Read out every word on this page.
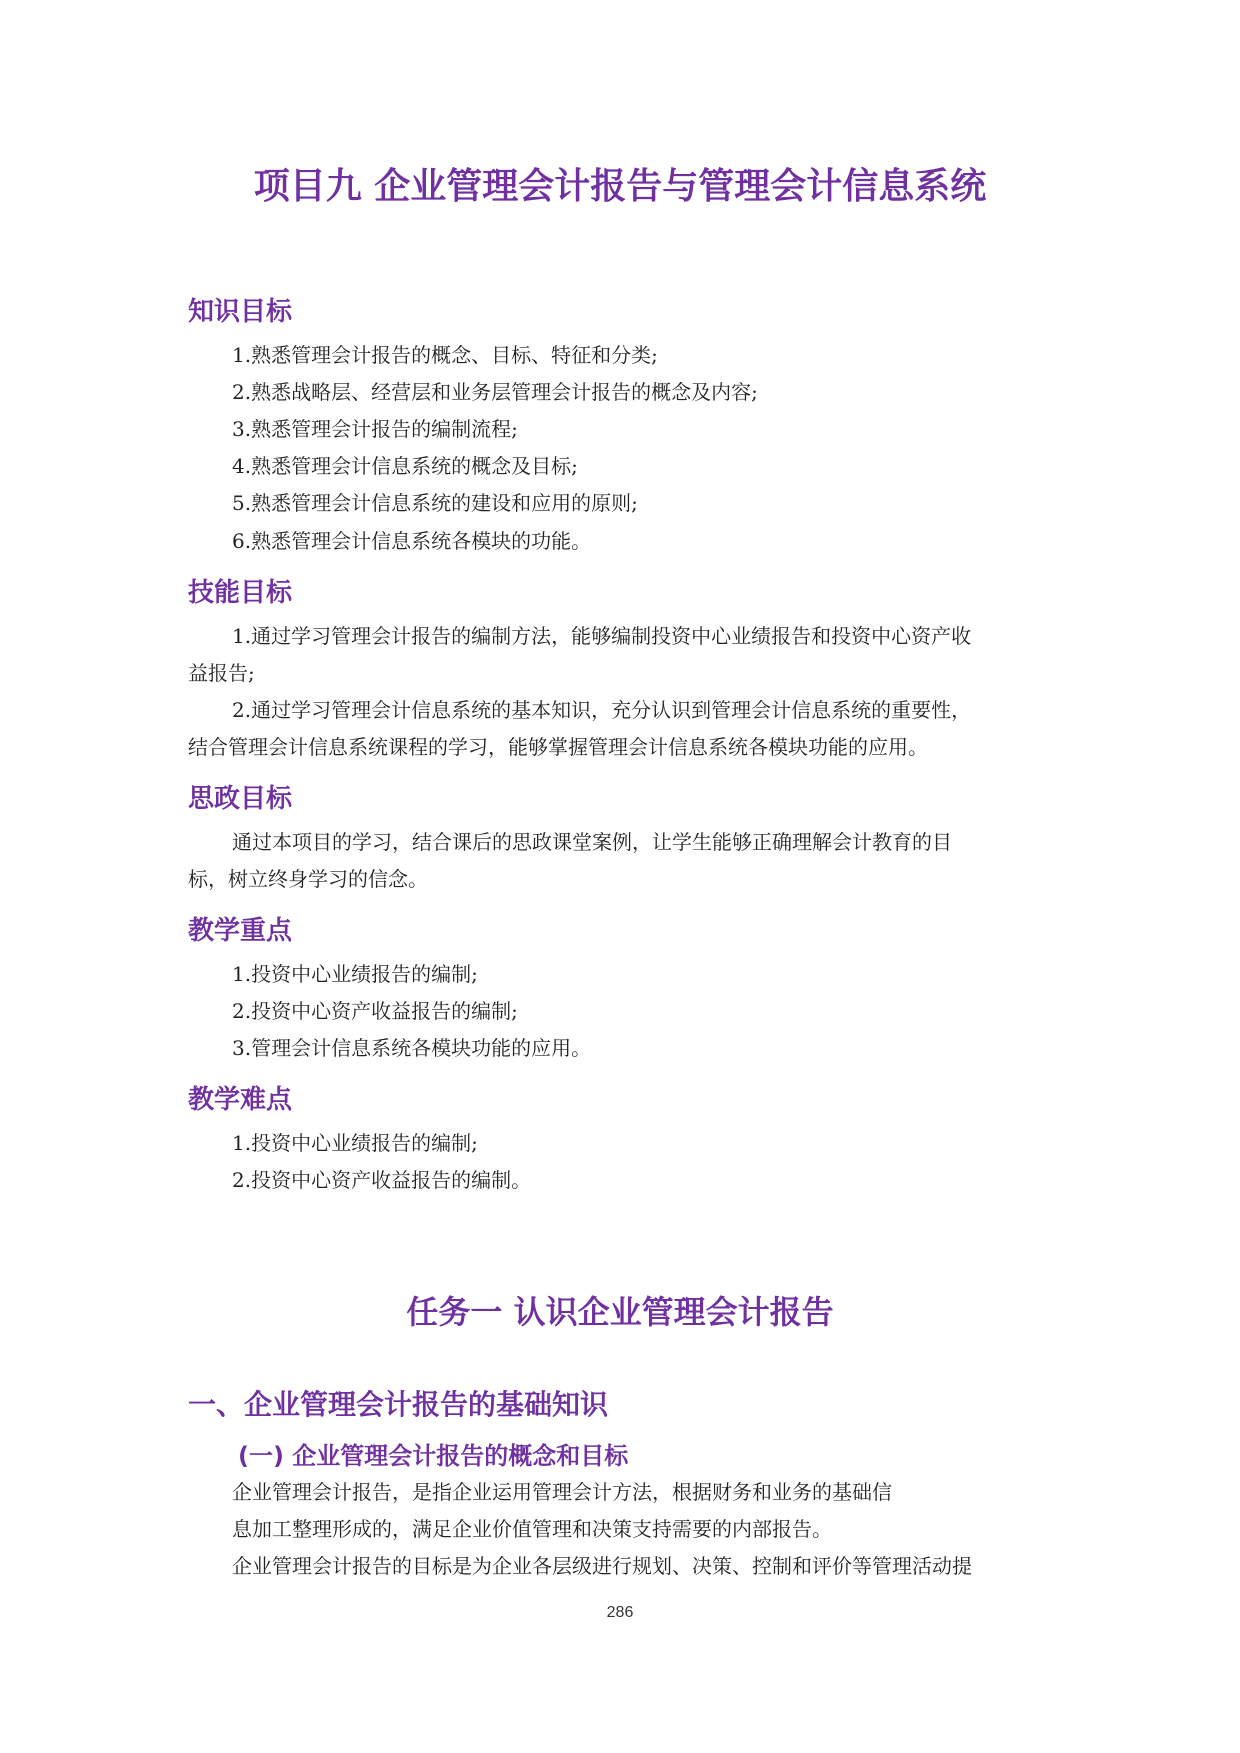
项目九 企业管理会计报告与管理会计信息系统
知识目标
1.熟悉管理会计报告的概念、目标、特征和分类;
2.熟悉战略层、经营层和业务层管理会计报告的概念及内容;
3.熟悉管理会计报告的编制流程;
4.熟悉管理会计信息系统的概念及目标;
5.熟悉管理会计信息系统的建设和应用的原则;
6.熟悉管理会计信息系统各模块的功能。
技能目标
1.通过学习管理会计报告的编制方法，能够编制投资中心业绩报告和投资中心资产收
益报告;
2.通过学习管理会计信息系统的基本知识，充分认识到管理会计信息系统的重要性，
结合管理会计信息系统课程的学习，能够掌握管理会计信息系统各模块功能的应用。
思政目标
通过本项目的学习，结合课后的思政课堂案例，让学生能够正确理解会计教育的目
标，树立终身学习的信念。
教学重点
1.投资中心业绩报告的编制;
2.投资中心资产收益报告的编制;
3.管理会计信息系统各模块功能的应用。
教学难点
1.投资中心业绩报告的编制;
2.投资中心资产收益报告的编制。
任务一 认识企业管理会计报告
一、企业管理会计报告的基础知识
(一) 企业管理会计报告的概念和目标
企业管理会计报告，是指企业运用管理会计方法，根据财务和业务的基础信
息加工整理形成的，满足企业价值管理和决策支持需要的内部报告。
企业管理会计报告的目标是为企业各层级进行规划、决策、控制和评价等管理活动提
286
